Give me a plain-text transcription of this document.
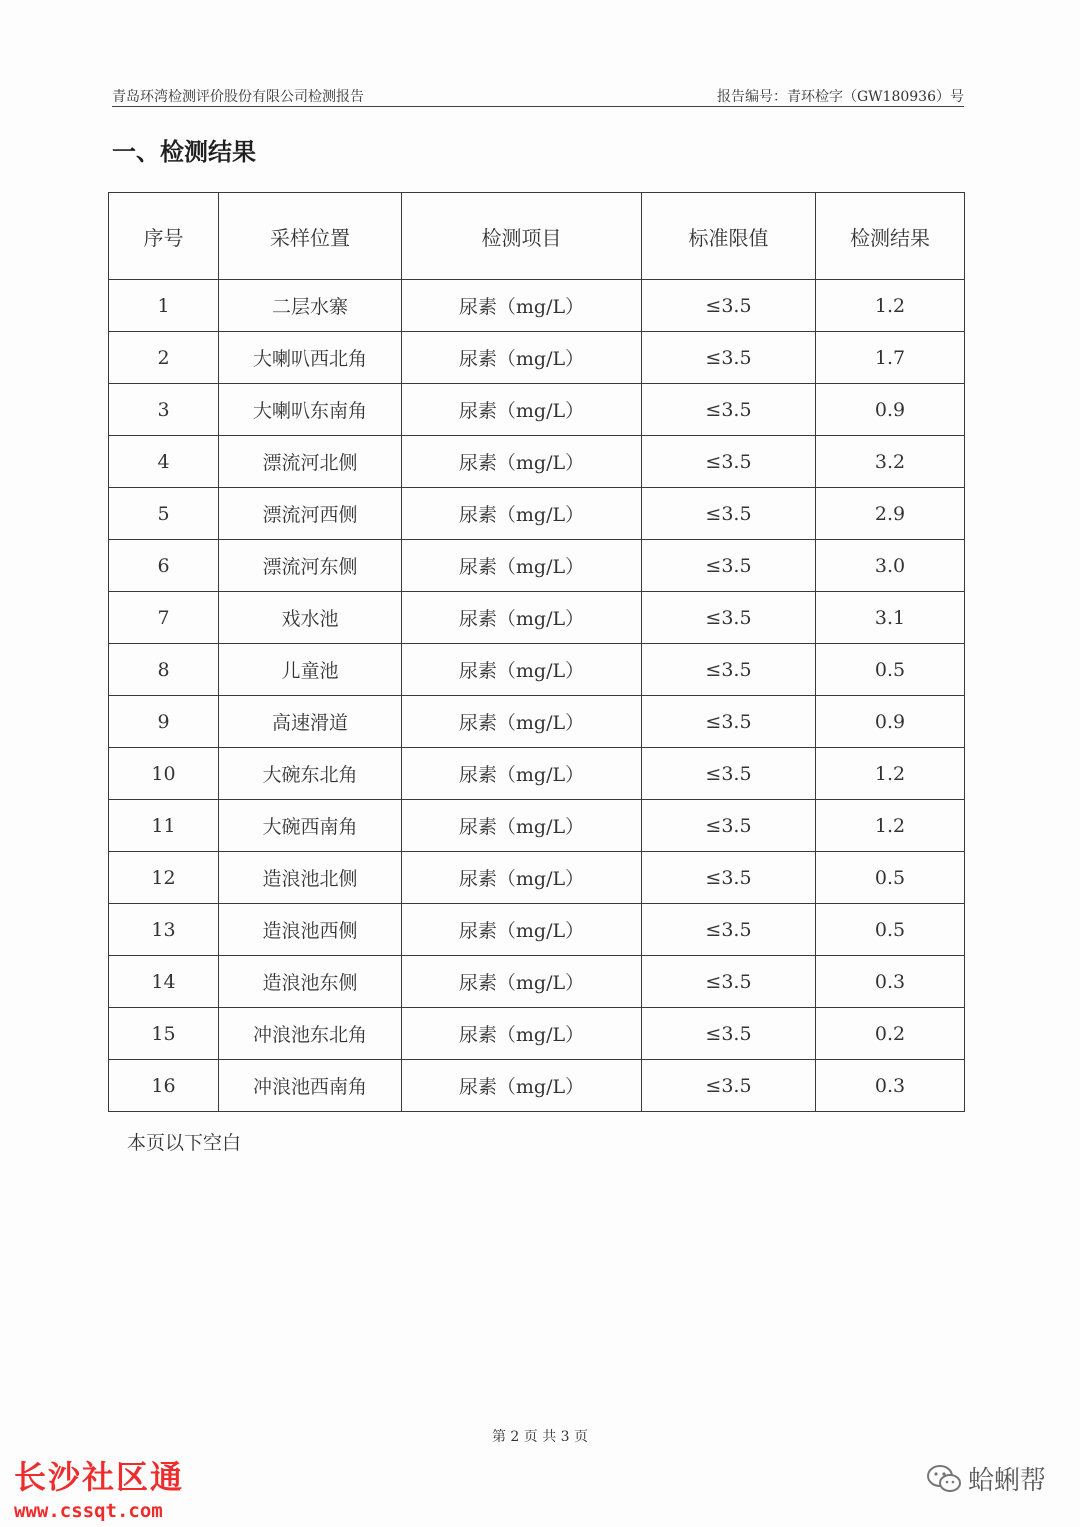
青岛环湾检测评价股份有限公司检测报告	报告编号：青环检字（GW180936）号
一、检测结果
序号	采样位置	检测项目	标准限值	检测结果
1	二层水寨	尿素（mg/L）	≤3.5	1.2
2	大喇叭西北角	尿素（mg/L）	≤3.5	1.7
3	大喇叭东南角	尿素（mg/L）	≤3.5	0.9
4	漂流河北侧	尿素（mg/L）	≤3.5	3.2
5	漂流河西侧	尿素（mg/L）	≤3.5	2.9
6	漂流河东侧	尿素（mg/L）	≤3.5	3.0
7	戏水池	尿素（mg/L）	≤3.5	3.1
8	儿童池	尿素（mg/L）	≤3.5	0.5
9	高速滑道	尿素（mg/L）	≤3.5	0.9
10	大碗东北角	尿素（mg/L）	≤3.5	1.2
11	大碗西南角	尿素（mg/L）	≤3.5	1.2
12	造浪池北侧	尿素（mg/L）	≤3.5	0.5
13	造浪池西侧	尿素（mg/L）	≤3.5	0.5
14	造浪池东侧	尿素（mg/L）	≤3.5	0.3
15	冲浪池东北角	尿素（mg/L）	≤3.5	0.2
16	冲浪池西南角	尿素（mg/L）	≤3.5	0.3
本页以下空白
第 2 页 共 3 页
长沙社区通
www.cssqt.com
蛤蜊帮
